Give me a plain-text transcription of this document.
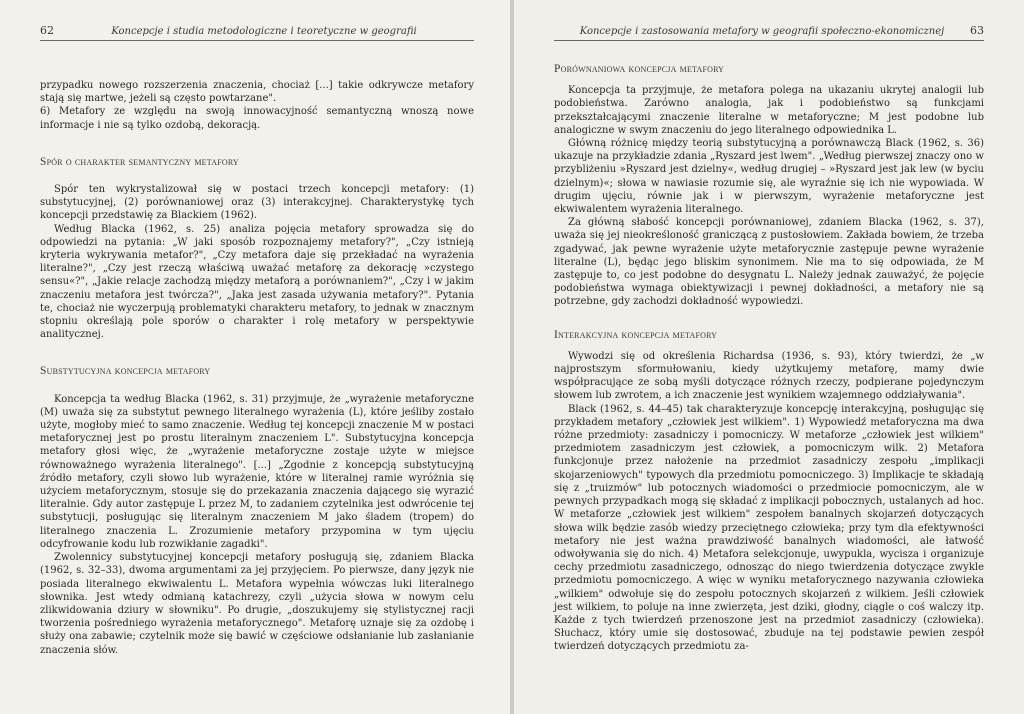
62	Koncepcje i studia metodologiczne i teoretyczne w geografii

przypadku nowego rozszerzenia znaczenia, chociaż [...] takie odkrywcze metafory stają się martwe, jeżeli są często powtarzane".

6) Metafory ze względu na swoją innowacyjność semantyczną wnoszą nowe informacje i nie są tylko ozdobą, dekoracją.

Spór o charakter semantyczny metafory

Spór ten wykrystalizował się w postaci trzech koncepcji metafory: (1) substytucyjnej, (2) porównaniowej oraz (3) interakcyjnej. Charakterystykę tych koncepcji przedstawię za Blackiem (1962).

Według Blacka (1962, s. 25) analiza pojęcia metafory sprowadza się do odpowiedzi na pytania: „W jaki sposób rozpoznajemy metafory?", „Czy istnieją kryteria wykrywania metafor?", „Czy metafora daje się przekładać na wyrażenia literalne?", „Czy jest rzeczą właściwą uważać metaforę za dekorację »czystego sensu«?", „Jakie relacje zachodzą między metaforą a porównaniem?", „Czy i w jakim znaczeniu metafora jest twórcza?", „Jaka jest zasada używania metafory?". Pytania te, chociaż nie wyczerpują problematyki charakteru metafory, to jednak w znacznym stopniu określają pole sporów o charakter i rolę metafory w perspektywie analitycznej.

Substytucyjna koncepcja metafory

Koncepcja ta według Blacka (1962, s. 31) przyjmuje, że „wyrażenie metaforyczne (M) uważa się za substytut pewnego literalnego wyrażenia (L), które jeśliby zostało użyte, mogłoby mieć to samo znaczenie. Według tej koncepcji znaczenie M w postaci metaforycznej jest po prostu literalnym znaczeniem L". Substytucyjna koncepcja metafory głosi więc, że „wyrażenie metaforyczne zostaje użyte w miejsce równoważnego wyrażenia literalnego". [...] „Zgodnie z koncepcją substytucyjną źródło metafory, czyli słowo lub wyrażenie, które w literalnej ramie wyróżnia się użyciem metaforycznym, stosuje się do przekazania znaczenia dającego się wyrazić literalnie. Gdy autor zastępuje L przez M, to zadaniem czytelnika jest odwrócenie tej substytucji, posługując się literalnym znaczeniem M jako śladem (tropem) do literalnego znaczenia L. Zrozumienie metafory przypomina w tym ujęciu odcyfrowanie kodu lub rozwikłanie zagadki".

Zwolennicy substytucyjnej koncepcji metafory posługują się, zdaniem Blacka (1962, s. 32–33), dwoma argumentami za jej przyjęciem. Po pierwsze, dany język nie posiada literalnego ekwiwalentu L. Metafora wypełnia wówczas luki literalnego słownika. Jest wtedy odmianą katachrezy, czyli „użycia słowa w nowym celu zlikwidowania dziury w słowniku". Po drugie, „doszukujemy się stylistycznej racji tworzenia pośredniego wyrażenia metaforycznego". Metaforę uznaje się za ozdobę i służy ona zabawie; czytelnik może się bawić w częściowe odsłanianie lub zasłanianie znaczenia słów.

Koncepcje i zastosowania metafory w geografii społeczno-ekonomicznej	63
Porównaniowa koncepcja metafory

Koncepcja ta przyjmuje, że metafora polega na ukazaniu ukrytej analogii lub podobieństwa. Zarówno analogia, jak i podobieństwo są funkcjami przekształcającymi znaczenie literalne w metaforyczne; M jest podobne lub analogiczne w swym znaczeniu do jego literalnego odpowiednika L.

Główną różnicę między teorią substytucyjną a porównawczą Black (1962, s. 36) ukazuje na przykładzie zdania „Ryszard jest lwem". „Według pierwszej znaczy ono w przybliżeniu »Ryszard jest dzielny«, według drugiej – »Ryszard jest jak lew (w byciu dzielnym)«; słowa w nawiasie rozumie się, ale wyraźnie się ich nie wypowiada. W drugim ujęciu, równie jak i w pierwszym, wyrażenie metaforyczne jest ekwiwalentem wyrażenia literalnego.

Za główną słabość koncepcji porównaniowej, zdaniem Blacka (1962, s. 37), uważa się jej nieokreśloność graniczącą z pustosłowiem. Zakłada bowiem, że trzeba zgadywać, jak pewne wyrażenie użyte metaforycznie zastępuje pewne wyrażenie literalne (L), będąc jego bliskim synonimem. Nie ma to się odpowiada, że M zastępuje to, co jest podobne do desygnatu L. Należy jednak zauważyć, że pojęcie podobieństwa wymaga obiektywizacji i pewnej dokładności, a metafory nie są potrzebne, gdy zachodzi dokładność wypowiedzi.

Interakcyjna koncepcja metafory

Wywodzi się od określenia Richardsa (1936, s. 93), który twierdzi, że „w najprostszym sformułowaniu, kiedy użytkujemy metaforę, mamy dwie współpracujące ze sobą myśli dotyczące różnych rzeczy, podpierane pojedynczym słowem lub zwrotem, a ich znaczenie jest wynikiem wzajemnego oddziaływania".

Black (1962, s. 44–45) tak charakteryzuje koncepcję interakcyjną, posługując się przykładem metafory „człowiek jest wilkiem". 1) Wypowiedź metaforyczna ma dwa różne przedmioty: zasadniczy i pomocniczy. W metaforze „człowiek jest wilkiem" przedmiotem zasadniczym jest człowiek, a pomocniczym wilk. 2) Metafora funkcjonuje przez nałożenie na przedmiot zasadniczy zespołu „implikacji skojarzeniowych" typowych dla przedmiotu pomocniczego. 3) Implikacje te składają się z „truizmów" lub potocznych wiadomości o przedmiocie pomocniczym, ale w pewnych przypadkach mogą się składać z implikacji pobocznych, ustalanych ad hoc. W metaforze „człowiek jest wilkiem" zespołem banalnych skojarzeń dotyczących słowa wilk będzie zasób wiedzy przeciętnego człowieka; przy tym dla efektywności metafory nie jest ważna prawdziwość banalnych wiadomości, ale łatwość odwoływania się do nich. 4) Metafora selekcjonuje, uwypukla, wycisza i organizuje cechy przedmiotu zasadniczego, odnosząc do niego twierdzenia dotyczące zwykle przedmiotu pomocniczego. A więc w wyniku metaforycznego nazywania człowieka „wilkiem" odwołuje się do zespołu potocznych skojarzeń z wilkiem. Jeśli człowiek jest wilkiem, to poluje na inne zwierzęta, jest dziki, głodny, ciągle o coś walczy itp. Każde z tych twierdzeń przenoszone jest na przedmiot zasadniczy (człowieka). Słuchacz, który umie się dostosować, zbuduje na tej podstawie pewien zespół twierdzeń dotyczących przedmiotu za-
